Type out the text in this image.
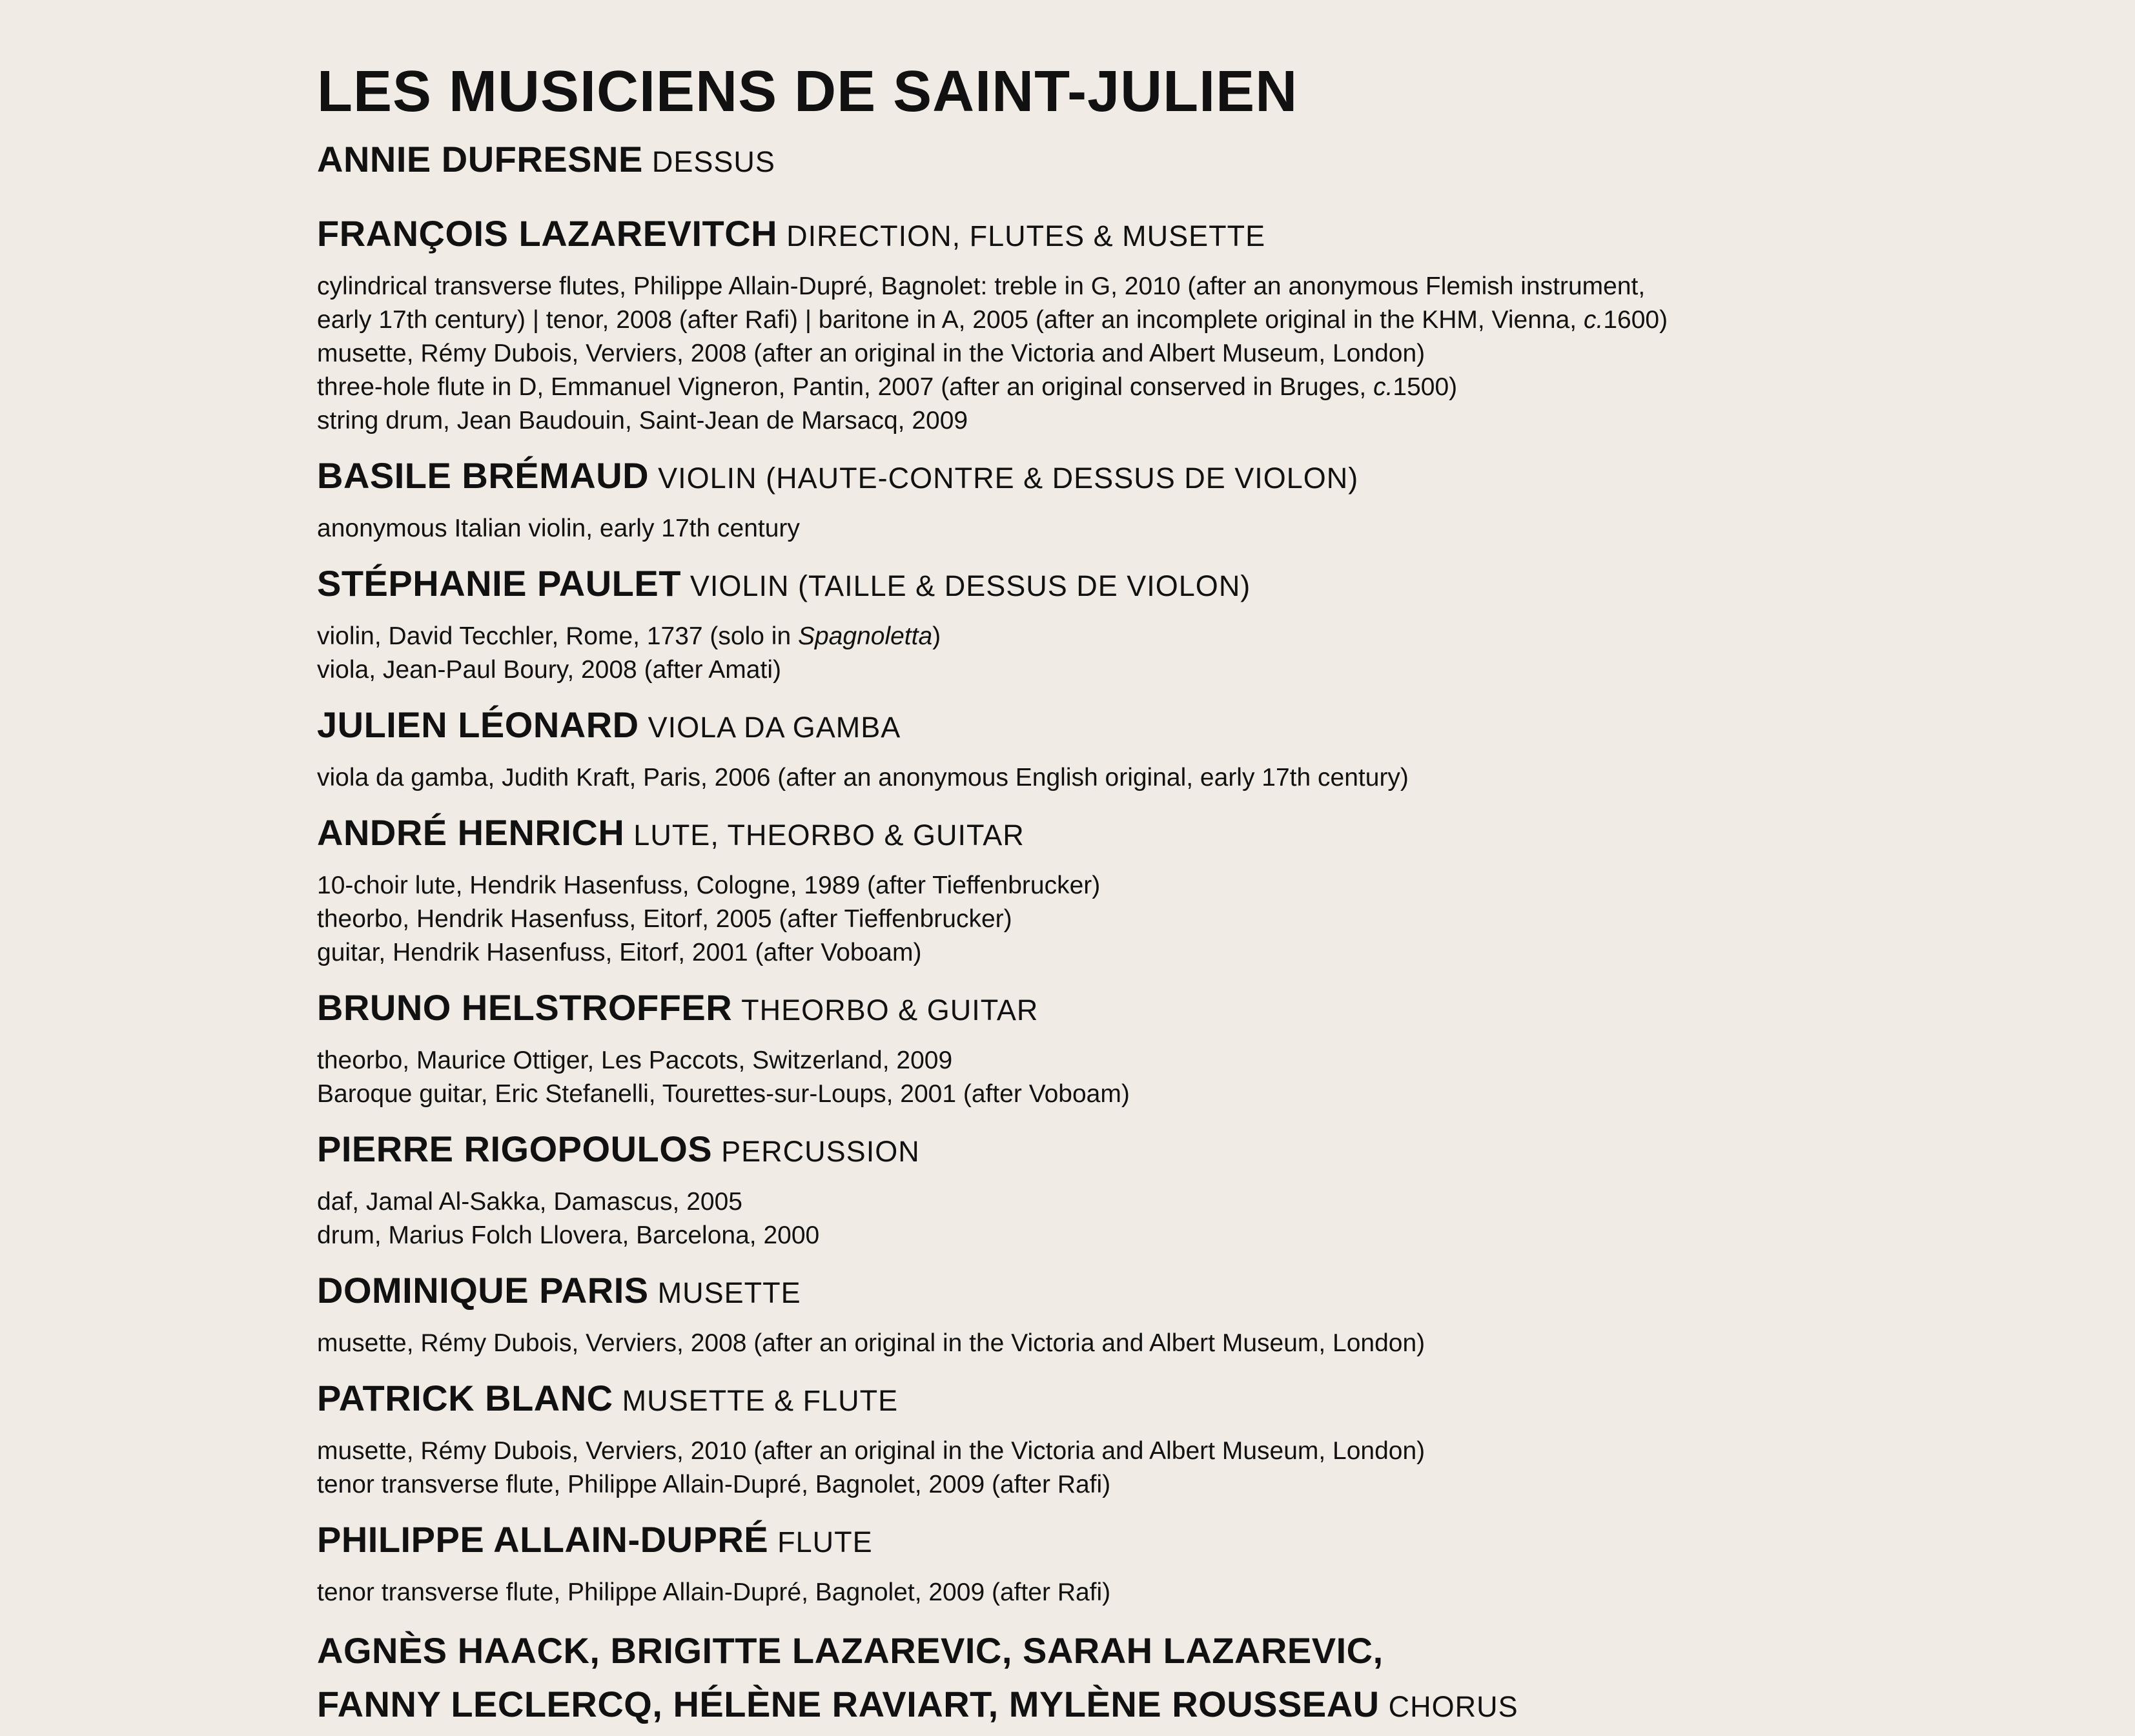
LES MUSICIENS DE SAINT-JULIEN

ANNIE DUFRESNE DESSUS

FRANÇOIS LAZAREVITCH DIRECTION, FLUTES & MUSETTE

cylindrical transverse flutes, Philippe Allain-Dupré, Bagnolet: treble in G, 2010 (after an anonymous Flemish instrument,

early 17th century) | tenor, 2008 (after Rafi) | baritone in A, 2005 (after an incomplete original in the KHM, Vienna, c.1600)

musette, Rémy Dubois, Verviers, 2008 (after an original in the Victoria and Albert Museum, London)

three-hole flute in D, Emmanuel Vigneron, Pantin, 2007 (after an original conserved in Bruges, c.1500)

string drum, Jean Baudouin, Saint-Jean de Marsacq, 2009

BASILE BRÉMAUD VIOLIN (HAUTE-CONTRE & DESSUS DE VIOLON)

anonymous Italian violin, early 17th century

STÉPHANIE PAULET VIOLIN (TAILLE & DESSUS DE VIOLON)

violin, David Tecchler, Rome, 1737 (solo in Spagnoletta)

viola, Jean-Paul Boury, 2008 (after Amati)

JULIEN LÉONARD VIOLA DA GAMBA

viola da gamba, Judith Kraft, Paris, 2006 (after an anonymous English original, early 17th century)

ANDRÉ HENRICH LUTE, THEORBO & GUITAR

10-choir lute, Hendrik Hasenfuss, Cologne, 1989 (after Tieffenbrucker)

theorbo, Hendrik Hasenfuss, Eitorf, 2005 (after Tieffenbrucker)

guitar, Hendrik Hasenfuss, Eitorf, 2001 (after Voboam)

BRUNO HELSTROFFER THEORBO & GUITAR

theorbo, Maurice Ottiger, Les Paccots, Switzerland, 2009

Baroque guitar, Eric Stefanelli, Tourettes-sur-Loups, 2001 (after Voboam)

PIERRE RIGOPOULOS PERCUSSION

daf, Jamal Al-Sakka, Damascus, 2005

drum, Marius Folch Llovera, Barcelona, 2000

DOMINIQUE PARIS MUSETTE

musette, Rémy Dubois, Verviers, 2008 (after an original in the Victoria and Albert Museum, London)

PATRICK BLANC MUSETTE & FLUTE

musette, Rémy Dubois, Verviers, 2010 (after an original in the Victoria and Albert Museum, London)

tenor transverse flute, Philippe Allain-Dupré, Bagnolet, 2009 (after Rafi)

PHILIPPE ALLAIN-DUPRÉ FLUTE

tenor transverse flute, Philippe Allain-Dupré, Bagnolet, 2009 (after Rafi)

AGNÈS HAACK, BRIGITTE LAZAREVIC, SARAH LAZAREVIC,

FANNY LECLERCQ, HÉLÈNE RAVIART, MYLÈNE ROUSSEAU CHORUS
